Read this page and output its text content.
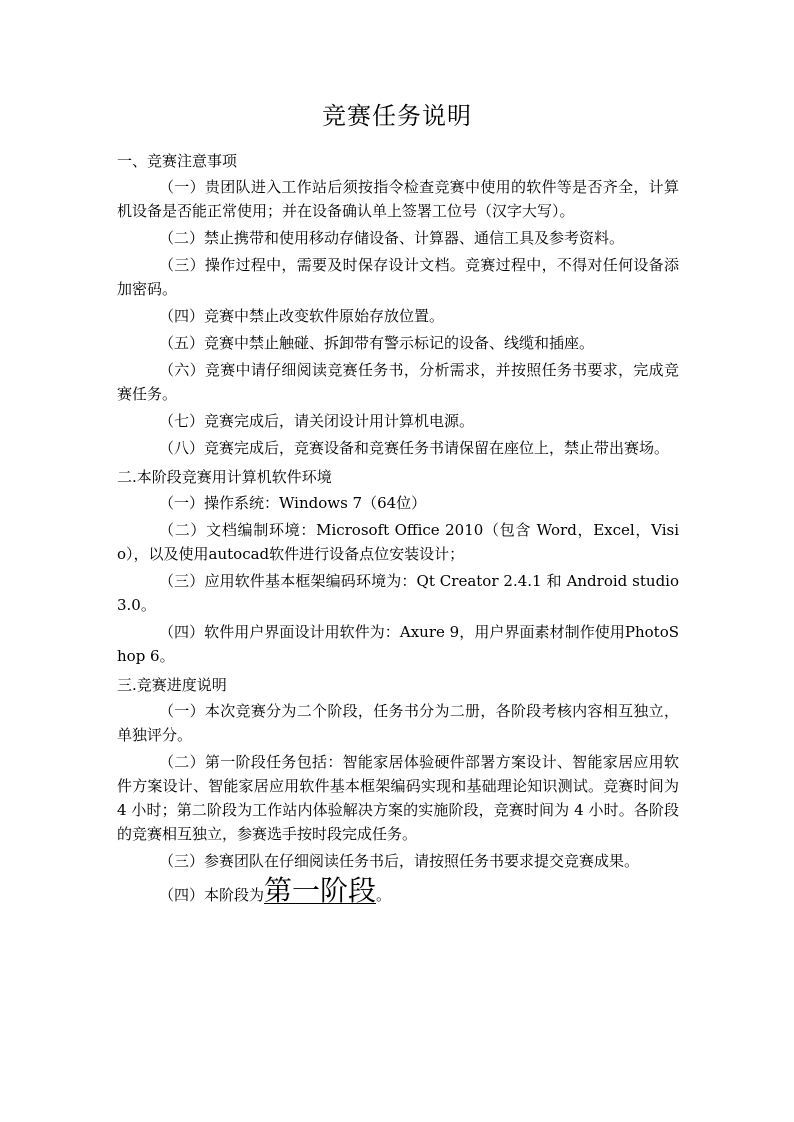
竞赛任务说明
一、竞赛注意事项
（一）贵团队进入工作站后须按指令检查竞赛中使用的软件等是否齐全，计算机设备是否能正常使用；并在设备确认单上签署工位号（汉字大写）。
（二）禁止携带和使用移动存储设备、计算器、通信工具及参考资料。
（三）操作过程中，需要及时保存设计文档。竞赛过程中，不得对任何设备添加密码。
（四）竞赛中禁止改变软件原始存放位置。
（五）竞赛中禁止触碰、拆卸带有警示标记的设备、线缆和插座。
（六）竞赛中请仔细阅读竞赛任务书，分析需求，并按照任务书要求，完成竞赛任务。
（七）竞赛完成后，请关闭设计用计算机电源。
（八）竞赛完成后，竞赛设备和竞赛任务书请保留在座位上，禁止带出赛场。
二.本阶段竞赛用计算机软件环境
（一）操作系统：Windows 7（64位）
（二）文档编制环境：Microsoft Office 2010（包含 Word，Excel，Visio），以及使用autocad软件进行设备点位安装设计；
（三）应用软件基本框架编码环境为：Qt Creator 2.4.1 和 Android studio3.0。
（四）软件用户界面设计用软件为：Axure 9，用户界面素材制作使用PhotoShop 6。
三.竞赛进度说明
（一）本次竞赛分为二个阶段，任务书分为二册，各阶段考核内容相互独立，单独评分。
（二）第一阶段任务包括：智能家居体验硬件部署方案设计、智能家居应用软件方案设计、智能家居应用软件基本框架编码实现和基础理论知识测试。竞赛时间为 4 小时；第二阶段为工作站内体验解决方案的实施阶段，竞赛时间为 4 小时。各阶段的竞赛相互独立，参赛选手按时段完成任务。
（三）参赛团队在仔细阅读任务书后，请按照任务书要求提交竞赛成果。
（四）本阶段为第一阶段。
